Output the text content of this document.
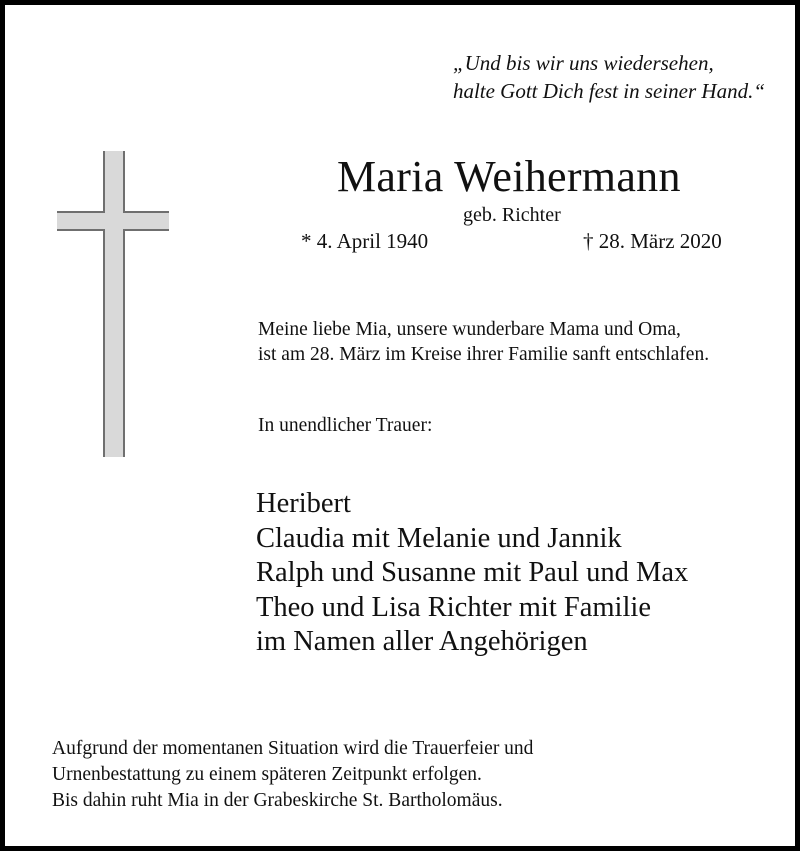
„Und bis wir uns wiedersehen,
halte Gott Dich fest in seiner Hand.“
Maria Weihermann
geb. Richter
* 4. April 1940	† 28. März 2020
Meine liebe Mia, unsere wunderbare Mama und Oma,
ist am 28. März im Kreise ihrer Familie sanft entschlafen.
In unendlicher Trauer:
Heribert
Claudia mit Melanie und Jannik
Ralph und Susanne mit Paul und Max
Theo und Lisa Richter mit Familie
im Namen aller Angehörigen
Aufgrund der momentanen Situation wird die Trauerfeier und
Urnenbestattung zu einem späteren Zeitpunkt erfolgen.
Bis dahin ruht Mia in der Grabeskirche St. Bartholomäus.
